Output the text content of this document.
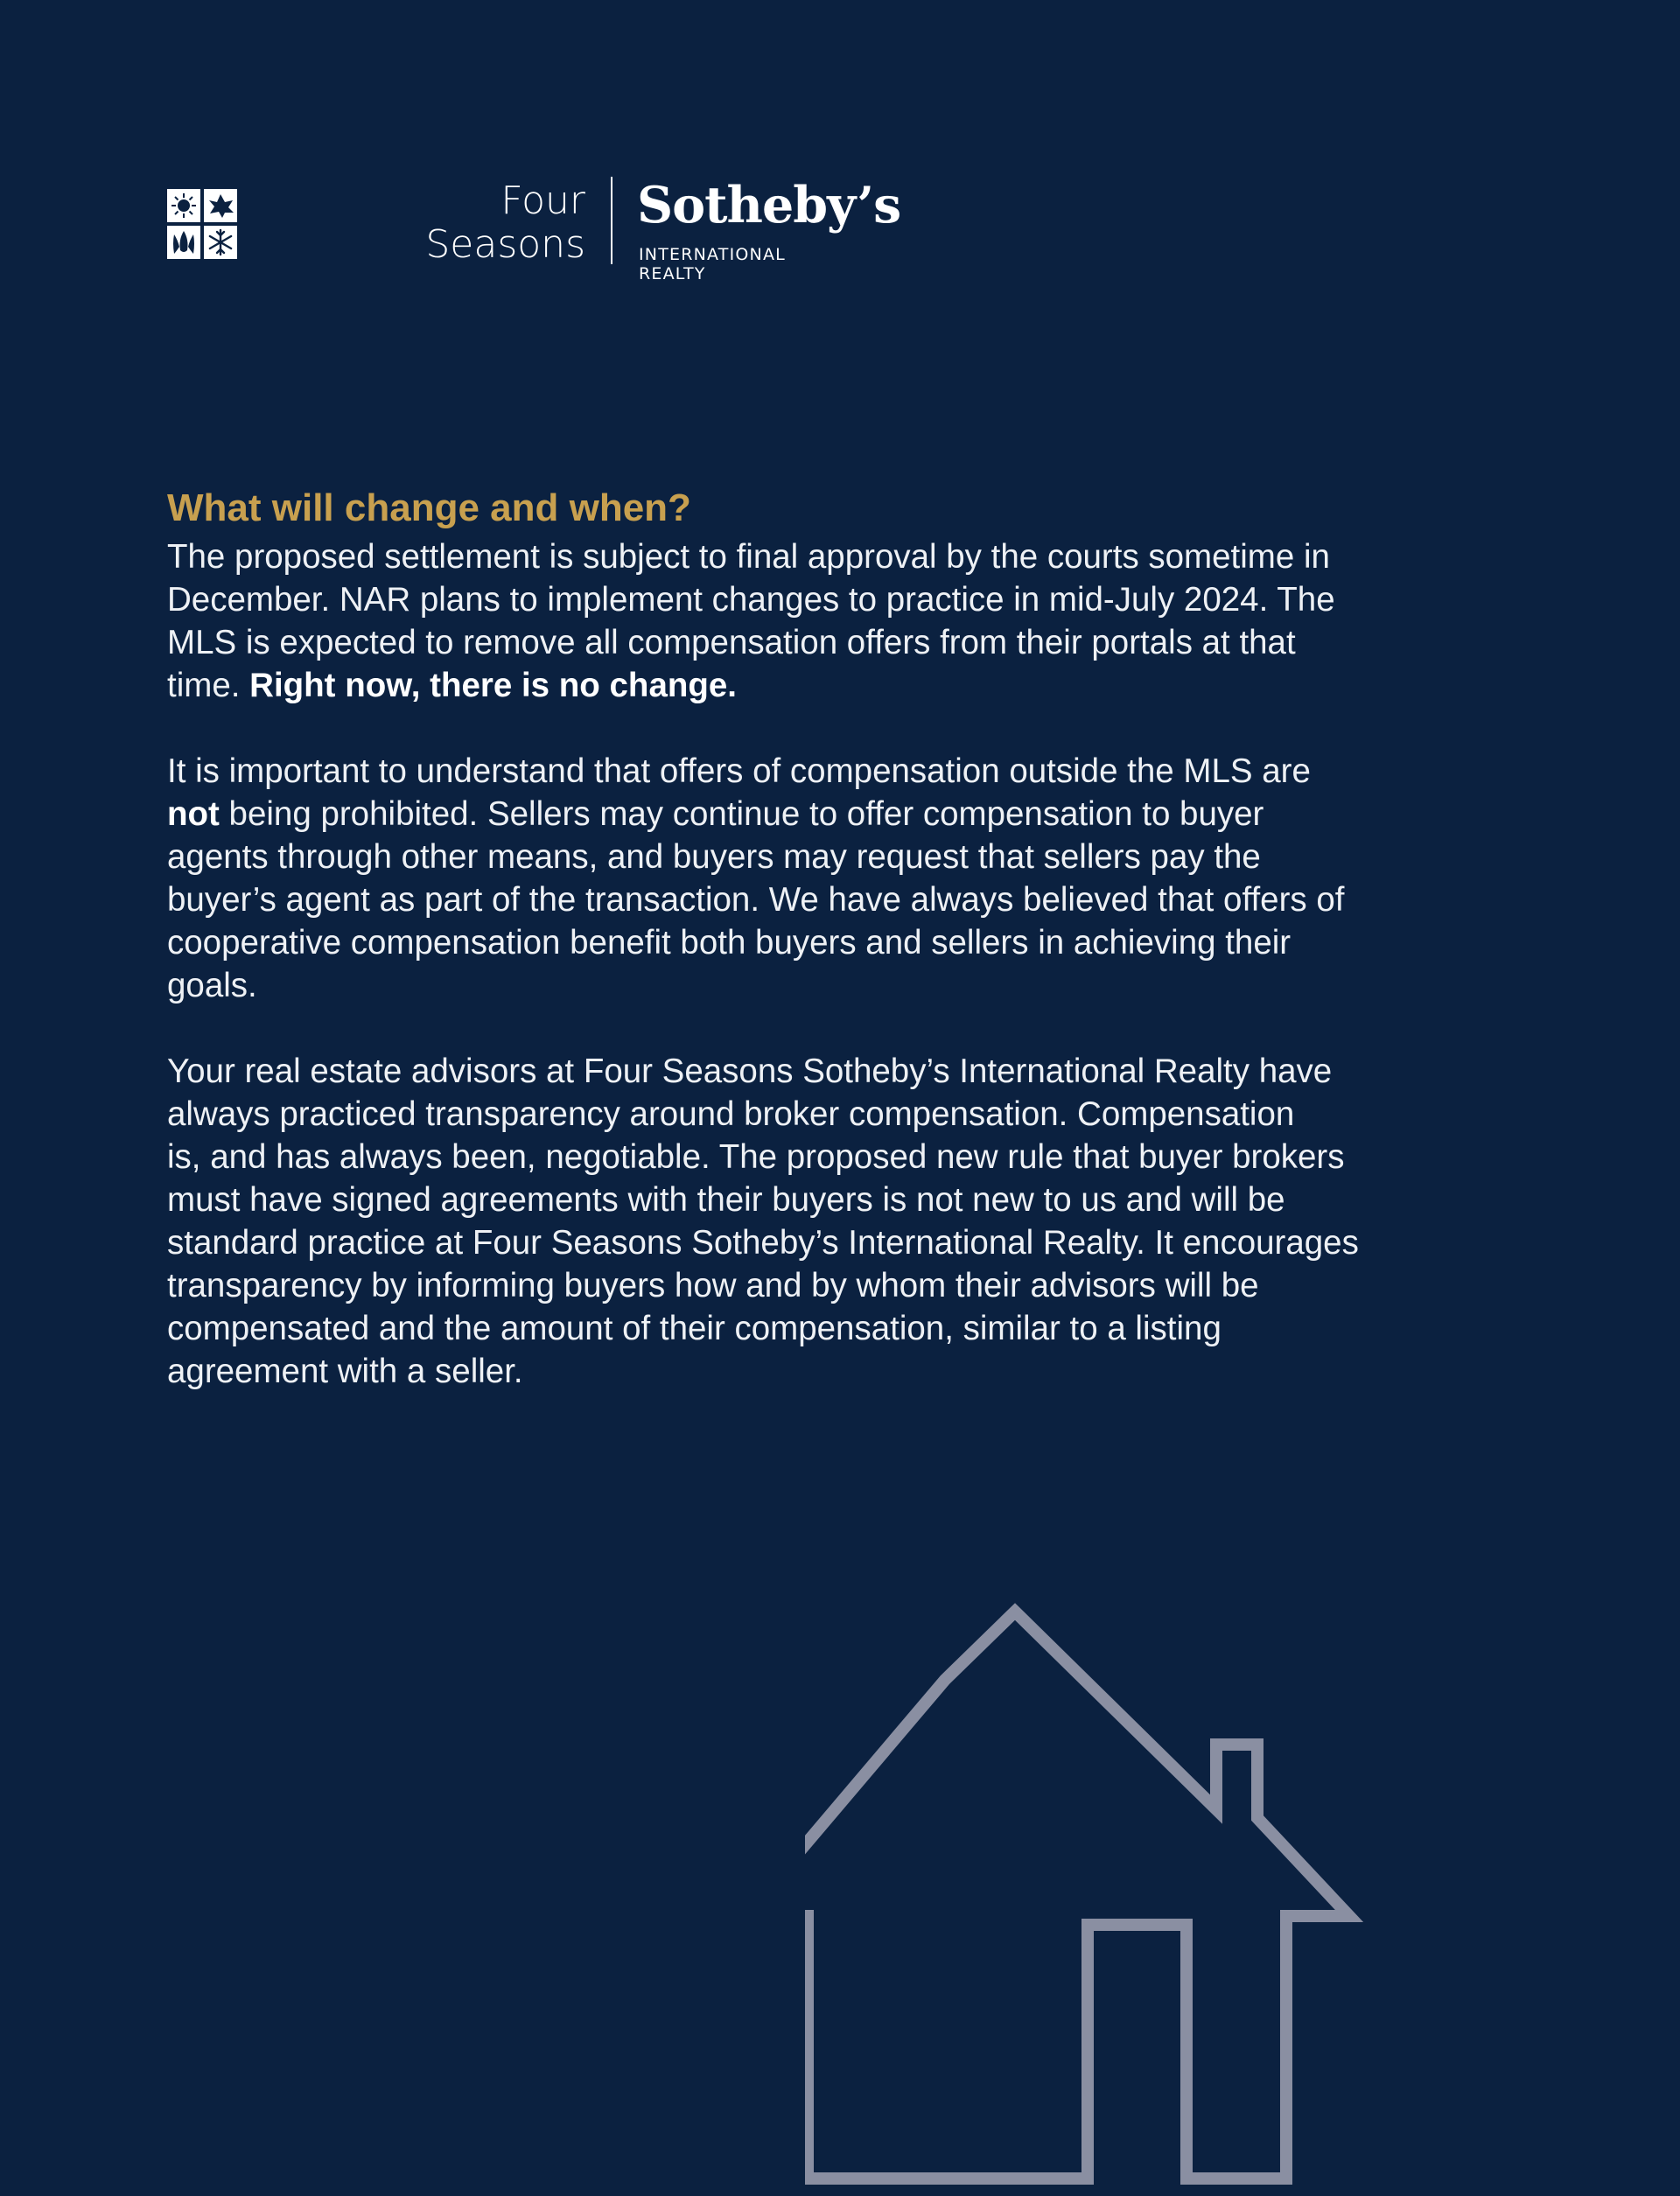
Four
Seasons
Sotheby’s
INTERNATIONAL REALTY
What will change and when?

The proposed settlement is subject to final approval by the courts sometime in
December. NAR plans to implement changes to practice in mid-July 2024. The
MLS is expected to remove all compensation offers from their portals at that
time. Right now, there is no change.

It is important to understand that offers of compensation outside the MLS are
not being prohibited. Sellers may continue to offer compensation to buyer
agents through other means, and buyers may request that sellers pay the
buyer’s agent as part of the transaction. We have always believed that offers of
cooperative compensation benefit both buyers and sellers in achieving their
goals.

Your real estate advisors at Four Seasons Sotheby’s International Realty have
always practiced transparency around broker compensation. Compensation
is, and has always been, negotiable. The proposed new rule that buyer brokers
must have signed agreements with their buyers is not new to us and will be
standard practice at Four Seasons Sotheby’s International Realty. It encourages
transparency by informing buyers how and by whom their advisors will be
compensated and the amount of their compensation, similar to a listing
agreement with a seller.
